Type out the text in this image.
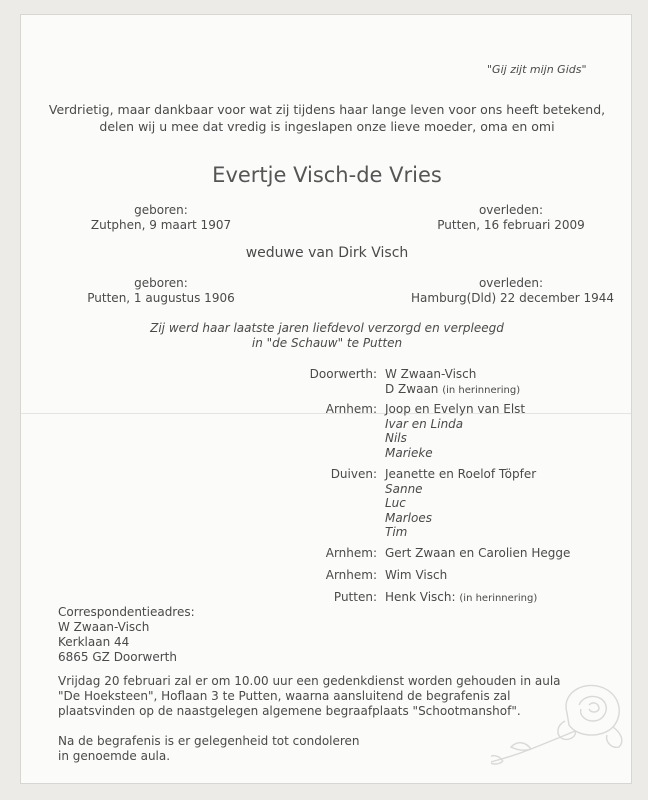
"Gij zijt mijn Gids"
Verdrietig, maar dankbaar voor wat zij tijdens haar lange leven voor ons heeft betekend, delen wij u mee dat vredig is ingeslapen onze lieve moeder, oma en omi
Evertje Visch-de Vries
geboren:
Zutphen, 9 maart 1907
overleden:
Putten, 16 februari 2009
weduwe van Dirk Visch
geboren:
Putten, 1 augustus 1906
overleden:
Hamburg(Dld) 22 december 1944
Zij werd haar laatste jaren liefdevol verzorgd en verpleegd
in "de Schauw" te Putten
Doorwerth: W Zwaan-Visch
D Zwaan (in herinnering)
Arnhem: Joop en Evelyn van Elst
Ivar en Linda
Nils
Marieke
Duiven: Jeanette en Roelof Töpfer
Sanne
Luc
Marloes
Tim
Arnhem: Gert Zwaan en Carolien Hegge
Arnhem: Wim Visch
Putten: Henk Visch: (in herinnering)
Correspondentieadres:
W Zwaan-Visch
Kerklaan 44
6865 GZ Doorwerth
Vrijdag 20 februari zal er om 10.00 uur een gedenkdienst worden gehouden in aula
"De Hoeksteen", Hoflaan 3 te Putten, waarna aansluitend de begrafenis zal
plaatsvinden op de naastgelegen algemene begraafplaats "Schootmanshof".
Na de begrafenis is er gelegenheid tot condoleren
in genoemde aula.
